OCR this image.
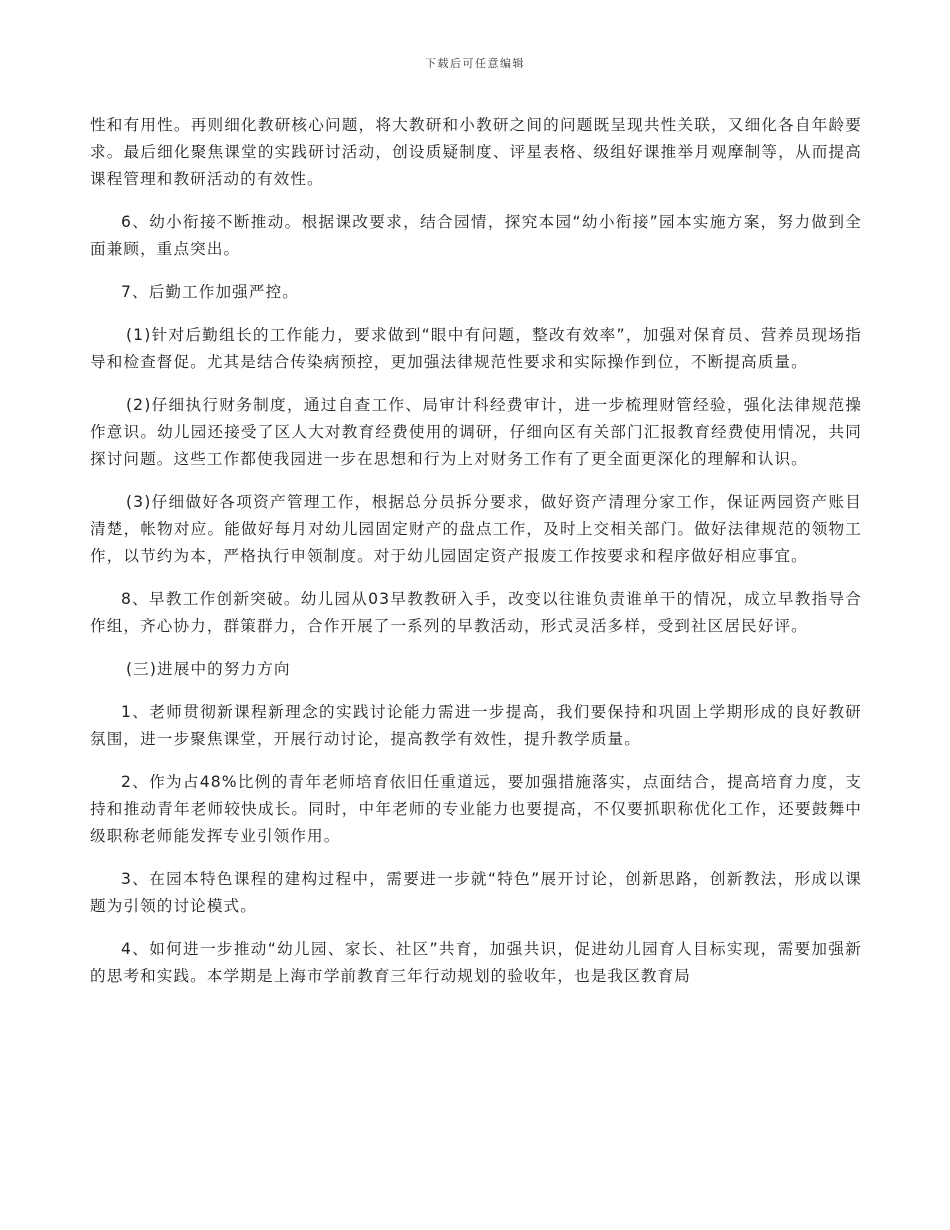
下载后可任意编辑

性和有用性。再则细化教研核心问题，将大教研和小教研之间的问题既呈现共性关联，又细化各自年龄要求。最后细化聚焦课堂的实践研讨活动，创设质疑制度、评星表格、级组好课推举月观摩制等，从而提高课程管理和教研活动的有效性。

6、幼小衔接不断推动。根据课改要求，结合园情，探究本园“幼小衔接”园本实施方案，努力做到全面兼顾，重点突出。

7、后勤工作加强严控。

(1)针对后勤组长的工作能力，要求做到“眼中有问题，整改有效率”，加强对保育员、营养员现场指导和检查督促。尤其是结合传染病预控，更加强法律规范性要求和实际操作到位，不断提高质量。

(2)仔细执行财务制度，通过自查工作、局审计科经费审计，进一步梳理财管经验，强化法律规范操作意识。幼儿园还接受了区人大对教育经费使用的调研，仔细向区有关部门汇报教育经费使用情况，共同探讨问题。这些工作都使我园进一步在思想和行为上对财务工作有了更全面更深化的理解和认识。

(3)仔细做好各项资产管理工作，根据总分员拆分要求，做好资产清理分家工作，保证两园资产账目清楚，帐物对应。能做好每月对幼儿园固定财产的盘点工作，及时上交相关部门。做好法律规范的领物工作，以节约为本，严格执行申领制度。对于幼儿园固定资产报废工作按要求和程序做好相应事宜。

8、早教工作创新突破。幼儿园从03早教教研入手，改变以往谁负责谁单干的情况，成立早教指导合作组，齐心协力，群策群力，合作开展了一系列的早教活动，形式灵活多样，受到社区居民好评。

(三)进展中的努力方向

1、老师贯彻新课程新理念的实践讨论能力需进一步提高，我们要保持和巩固上学期形成的良好教研氛围，进一步聚焦课堂，开展行动讨论，提高教学有效性，提升教学质量。

2、作为占48%比例的青年老师培育依旧任重道远，要加强措施落实，点面结合，提高培育力度，支持和推动青年老师较快成长。同时，中年老师的专业能力也要提高，不仅要抓职称优化工作，还要鼓舞中级职称老师能发挥专业引领作用。

3、在园本特色课程的建构过程中，需要进一步就“特色”展开讨论，创新思路，创新教法，形成以课题为引领的讨论模式。

4、如何进一步推动“幼儿园、家长、社区”共育，加强共识，促进幼儿园育人目标实现，需要加强新的思考和实践。本学期是上海市学前教育三年行动规划的验收年，也是我区教育局
